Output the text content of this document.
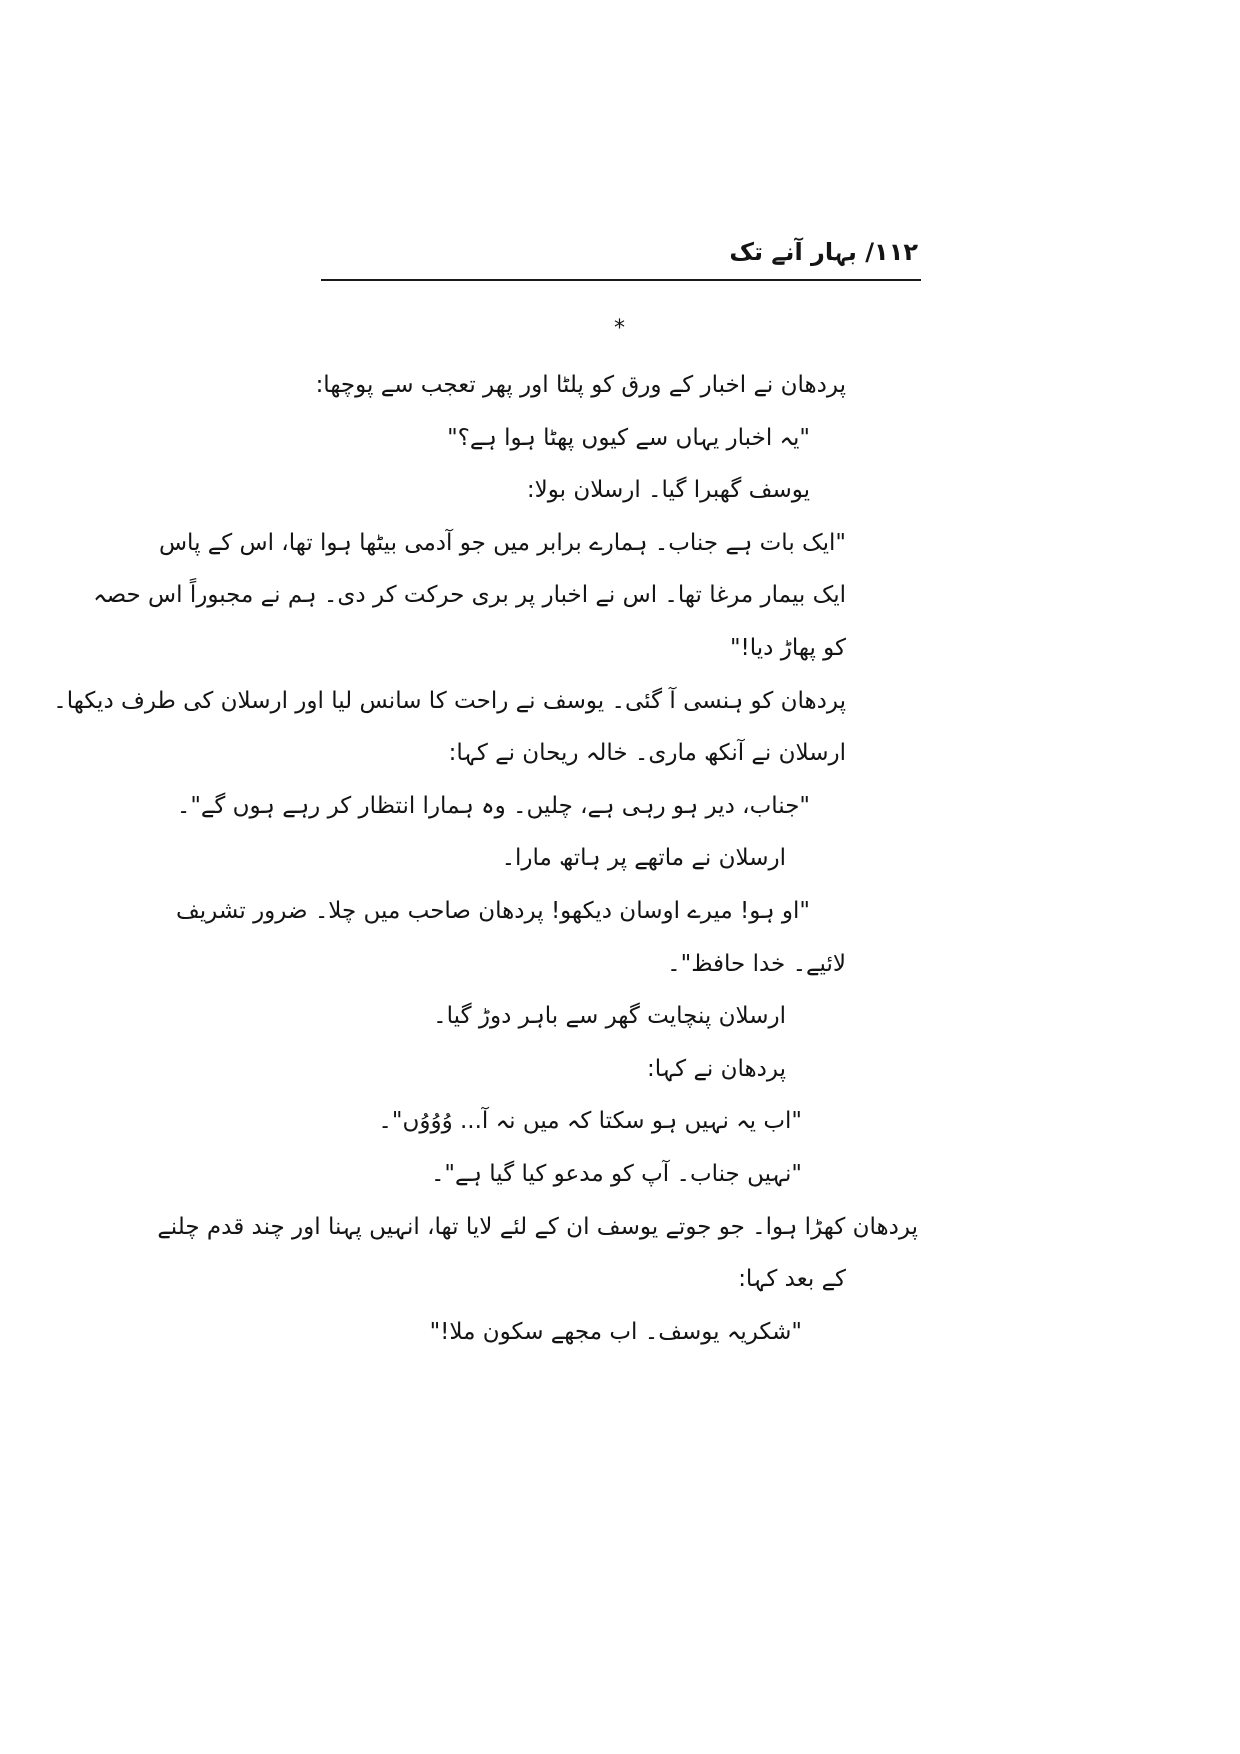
۱۱۲/ بہار آنے تک
*
پردھان نے اخبار کے ورق کو پلٹا اور پھر تعجب سے پوچھا:
"یہ اخبار یہاں سے کیوں پھٹا ہوا ہے؟"
یوسف گھبرا گیا۔ ارسلان بولا:
"ایک بات ہے جناب۔ ہمارے برابر میں جو آدمی بیٹھا ہوا تھا، اس کے پاس
ایک بیمار مرغا تھا۔ اس نے اخبار پر بری حرکت کر دی۔ ہم نے مجبوراً اس حصہ
کو پھاڑ دیا!"
پردھان کو ہنسی آ گئی۔ یوسف نے راحت کا سانس لیا اور ارسلان کی طرف دیکھا۔
ارسلان نے آنکھ ماری۔ خالہ ریحان نے کہا:
"جناب، دیر ہو رہی ہے، چلیں۔ وہ ہمارا انتظار کر رہے ہوں گے"۔
ارسلان نے ماتھے پر ہاتھ مارا۔
"او ہو! میرے اوسان دیکھو! پردھان صاحب میں چلا۔ ضرور تشریف
لائیے۔ خدا حافظ"۔
ارسلان پنچایت گھر سے باہر دوڑ گیا۔
پردھان نے کہا:
"اب یہ نہیں ہو سکتا کہ میں نہ آ... وُوُوُں"۔
"نہیں جناب۔ آپ کو مدعو کیا گیا ہے"۔
پردھان کھڑا ہوا۔ جو جوتے یوسف ان کے لئے لایا تھا، انہیں پہنا اور چند قدم چلنے
کے بعد کہا:
"شکریہ یوسف۔ اب مجھے سکون ملا!"
